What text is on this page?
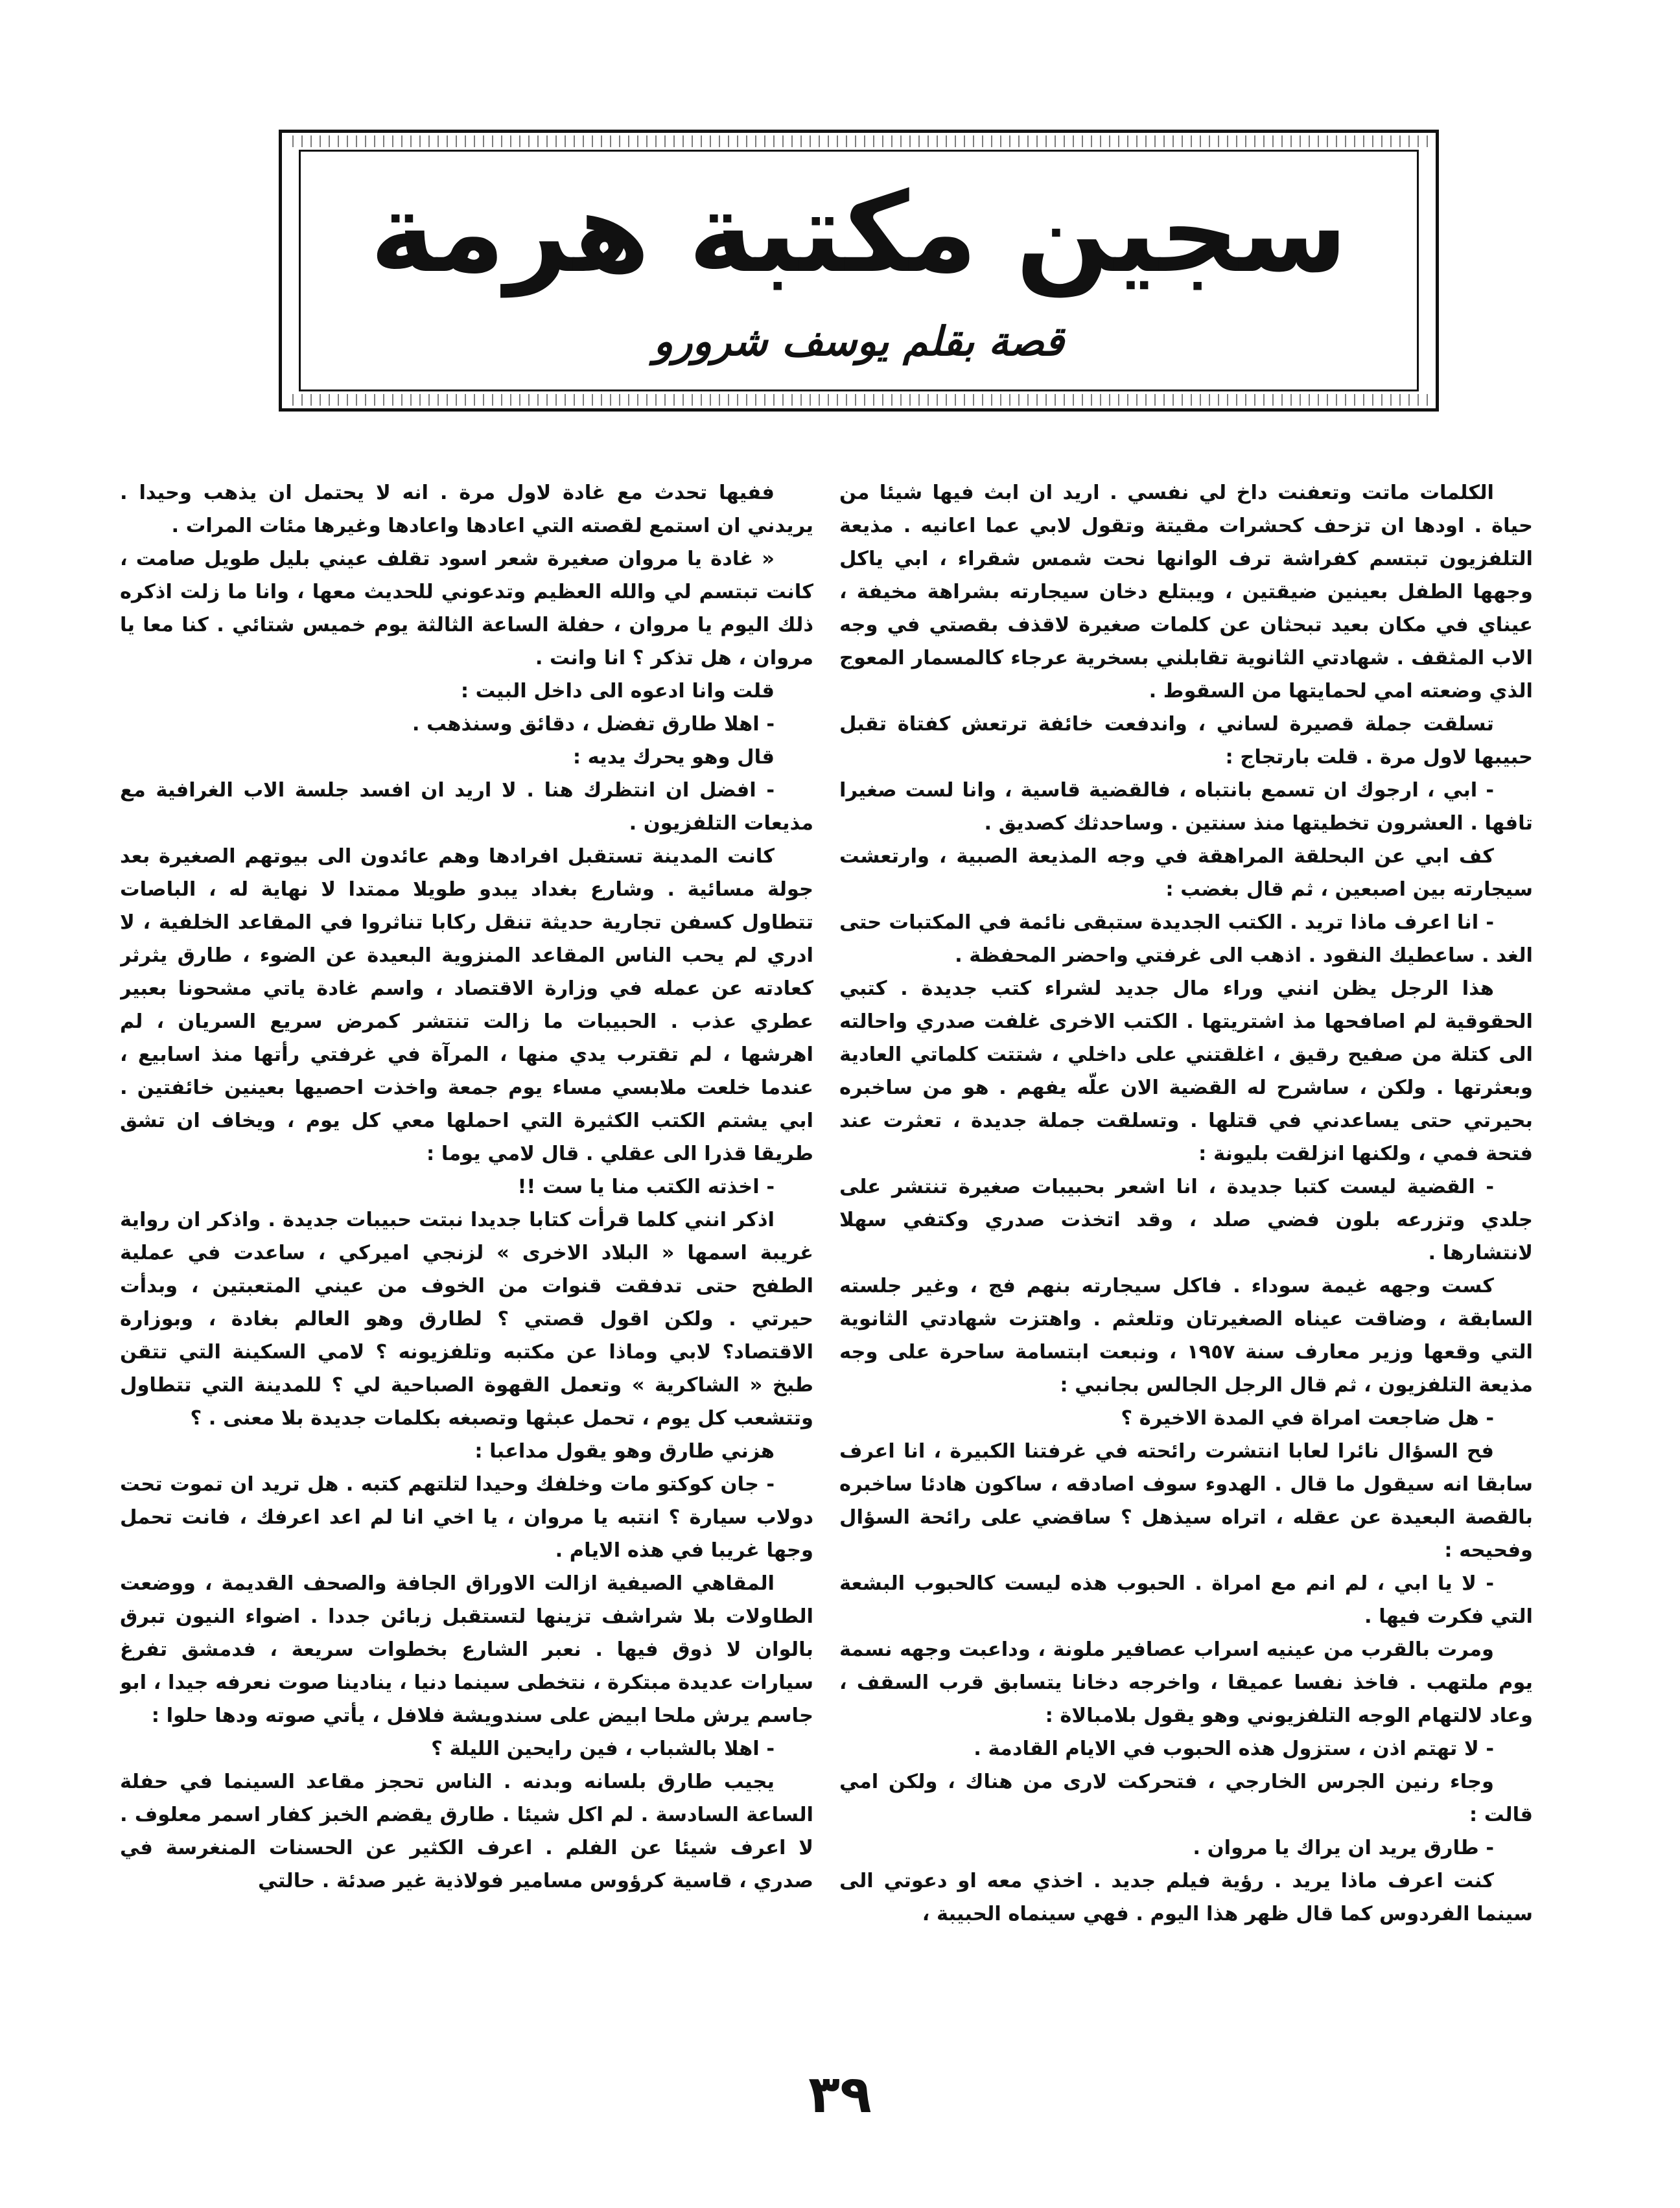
سجين مكتبة هرمة
قصة بقلم يوسف شرورو

الكلمات ماتت وتعفنت داخ لي نفسي . اريد ان ابث فيها شيئا من حياة . اودها ان تزحف كحشرات مقيتة وتقول لابي عما اعانيه . مذيعة التلفزيون تبتسم كفراشة ترف الوانها نحت شمس شقراء ، ابي ياكل وجهها الطفل بعينين ضيقتين ، ويبتلع دخان سيجارته بشراهة مخيفة ، عيناي في مكان بعيد تبحثان عن كلمات صغيرة لاقذف بقصتي في وجه الاب المثقف . شهادتي الثانوية تقابلني بسخرية عرجاء كالمسمار المعوج الذي وضعته امي لحمايتها من السقوط .

تسلقت جملة قصيرة لساني ، واندفعت خائفة ترتعش كفتاة تقبل حبيبها لاول مرة . قلت بارتجاج :

- ابي ، ارجوك ان تسمع بانتباه ، فالقضية قاسية ، وانا لست صغيرا تافها . العشرون تخطيتها منذ سنتين . وساحدثك كصديق .

كف ابي عن البحلقة المراهقة في وجه المذيعة الصبية ، وارتعشت سيجارته بين اصبعين ، ثم قال بغضب :

- انا اعرف ماذا تريد . الكتب الجديدة ستبقى نائمة في المكتبات حتى الغد . ساعطيك النقود . اذهب الى غرفتي واحضر المحفظة .

هذا الرجل يظن انني وراء مال جديد لشراء كتب جديدة . كتبي الحقوقية لم اصافحها مذ اشتريتها . الكتب الاخرى غلفت صدري واحالته الى كتلة من صفيح رقيق ، اغلقتني على داخلي ، شتتت كلماتي العادية وبعثرتها . ولكن ، ساشرح له القضية الان علّه يفهم . هو من ساخبره بحيرتي حتى يساعدني في قتلها . وتسلقت جملة جديدة ، تعثرت عند فتحة فمي ، ولكنها انزلقت بليونة :

- القضية ليست كتبا جديدة ، انا اشعر بحبيبات صغيرة تنتشر على جلدي وتزرعه بلون فضي صلد ، وقد اتخذت صدري وكتفي سهلا لانتشارها .

كست وجهه غيمة سوداء . فاكل سيجارته بنهم فج ، وغير جلسته السابقة ، وضاقت عيناه الصغيرتان وتلعثم . واهتزت شهادتي الثانوية التي وقعها وزير معارف سنة ١٩٥٧ ، ونبعت ابتسامة ساحرة على وجه مذيعة التلفزيون ، ثم قال الرجل الجالس بجانبي :

- هل ضاجعت امراة في المدة الاخيرة ؟

فح السؤال نائرا لعابا انتشرت رائحته في غرفتنا الكبيرة ، انا اعرف سابقا انه سيقول ما قال . الهدوء سوف اصادقه ، ساكون هادئا ساخبره بالقصة البعيدة عن عقله ، اتراه سيذهل ؟ ساقضي على رائحة السؤال وفحيحه :

- لا يا ابي ، لم انم مع امراة . الحبوب هذه ليست كالحبوب البشعة التي فكرت فيها .

ومرت بالقرب من عينيه اسراب عصافير ملونة ، وداعبت وجهه نسمة يوم ملتهب . فاخذ نفسا عميقا ، واخرجه دخانا يتسابق قرب السقف ، وعاد لالتهام الوجه التلفزيوني وهو يقول بلامبالاة :

- لا تهتم اذن ، ستزول هذه الحبوب في الايام القادمة .

وجاء رنين الجرس الخارجي ، فتحركت لارى من هناك ، ولكن امي قالت :

- طارق يريد ان يراك يا مروان .

كنت اعرف ماذا يريد . رؤية فيلم جديد . اخذي معه او دعوتي الى سينما الفردوس كما قال ظهر هذا اليوم . فهي سينماه الحبيبة ،

ففيها تحدث مع غادة لاول مرة . انه لا يحتمل ان يذهب وحيدا . يريدني ان استمع لقصته التي اعادها واعادها وغيرها مئات المرات .

« غادة يا مروان صغيرة شعر اسود تقلف عيني بليل طويل صامت ، كانت تبتسم لي والله العظيم وتدعوني للحديث معها ، وانا ما زلت اذكره ذلك اليوم يا مروان ، حفلة الساعة الثالثة يوم خميس شتائي . كنا معا يا مروان ، هل تذكر ؟ انا وانت .

قلت وانا ادعوه الى داخل البيت :

- اهلا طارق تفضل ، دقائق وسنذهب .

قال وهو يحرك يديه :

- افضل ان انتظرك هنا . لا اريد ان افسد جلسة الاب الغرافية مع مذيعات التلفزيون .

كانت المدينة تستقبل افرادها وهم عائدون الى بيوتهم الصغيرة بعد جولة مسائية . وشارع بغداد يبدو طويلا ممتدا لا نهاية له ، الباصات تتطاول كسفن تجارية حديثة تنقل ركابا تناثروا في المقاعد الخلفية ، لا ادري لم يحب الناس المقاعد المنزوية البعيدة عن الضوء ، طارق يثرثر كعادته عن عمله في وزارة الاقتصاد ، واسم غادة ياتي مشحونا بعبير عطري عذب . الحبيبات ما زالت تنتشر كمرض سريع السريان ، لم اهرشها ، لم تقترب يدي منها ، المرآة في غرفتي رأتها منذ اسابيع ، عندما خلعت ملابسي مساء يوم جمعة واخذت احصيها بعينين خائفتين . ابي يشتم الكتب الكثيرة التي احملها معي كل يوم ، ويخاف ان تشق طريقا قذرا الى عقلي . قال لامي يوما :

- اخذته الكتب منا يا ست !!

اذكر انني كلما قرأت كتابا جديدا نبتت حبيبات جديدة . واذكر ان رواية غريبة اسمها « البلاد الاخرى » لزنجي اميركي ، ساعدت في عملية الطفح حتى تدفقت قنوات من الخوف من عيني المتعبتين ، وبدأت حيرتي . ولكن اقول قصتي ؟ لطارق وهو العالم بغادة ، وبوزارة الاقتصاد؟ لابي وماذا عن مكتبه وتلفزيونه ؟ لامي السكينة التي تتقن طبخ « الشاكرية » وتعمل القهوة الصباحية لي ؟ للمدينة التي تتطاول وتتشعب كل يوم ، تحمل عبثها وتصبغه بكلمات جديدة بلا معنى . ؟

هزني طارق وهو يقول مداعبا :

- جان كوكتو مات وخلفك وحيدا لتلتهم كتبه . هل تريد ان تموت تحت دولاب سيارة ؟ انتبه يا مروان ، يا اخي انا لم اعد اعرفك ، فانت تحمل وجها غريبا في هذه الايام .

المقاهي الصيفية ازالت الاوراق الجافة والصحف القديمة ، ووضعت الطاولات بلا شراشف تزينها لتستقبل زبائن جددا . اضواء النيون تبرق بالوان لا ذوق فيها . نعبر الشارع بخطوات سريعة ، فدمشق تفرغ سيارات عديدة مبتكرة ، نتخطى سينما دنيا ، ينادينا صوت نعرفه جيدا ، ابو جاسم يرش ملحا ابيض على سندويشة فلافل ، يأتي صوته ودها حلوا :

- اهلا بالشباب ، فين رايحين الليلة ؟

يجيب طارق بلسانه وبدنه . الناس تحجز مقاعد السينما في حفلة الساعة السادسة . لم اكل شيئا . طارق يقضم الخبز كفار اسمر معلوف . لا اعرف شيئا عن الفلم . اعرف الكثير عن الحسنات المنغرسة في صدري ، قاسية كرؤوس مسامير فولاذية غير صدئة . حالتي

٣٩
